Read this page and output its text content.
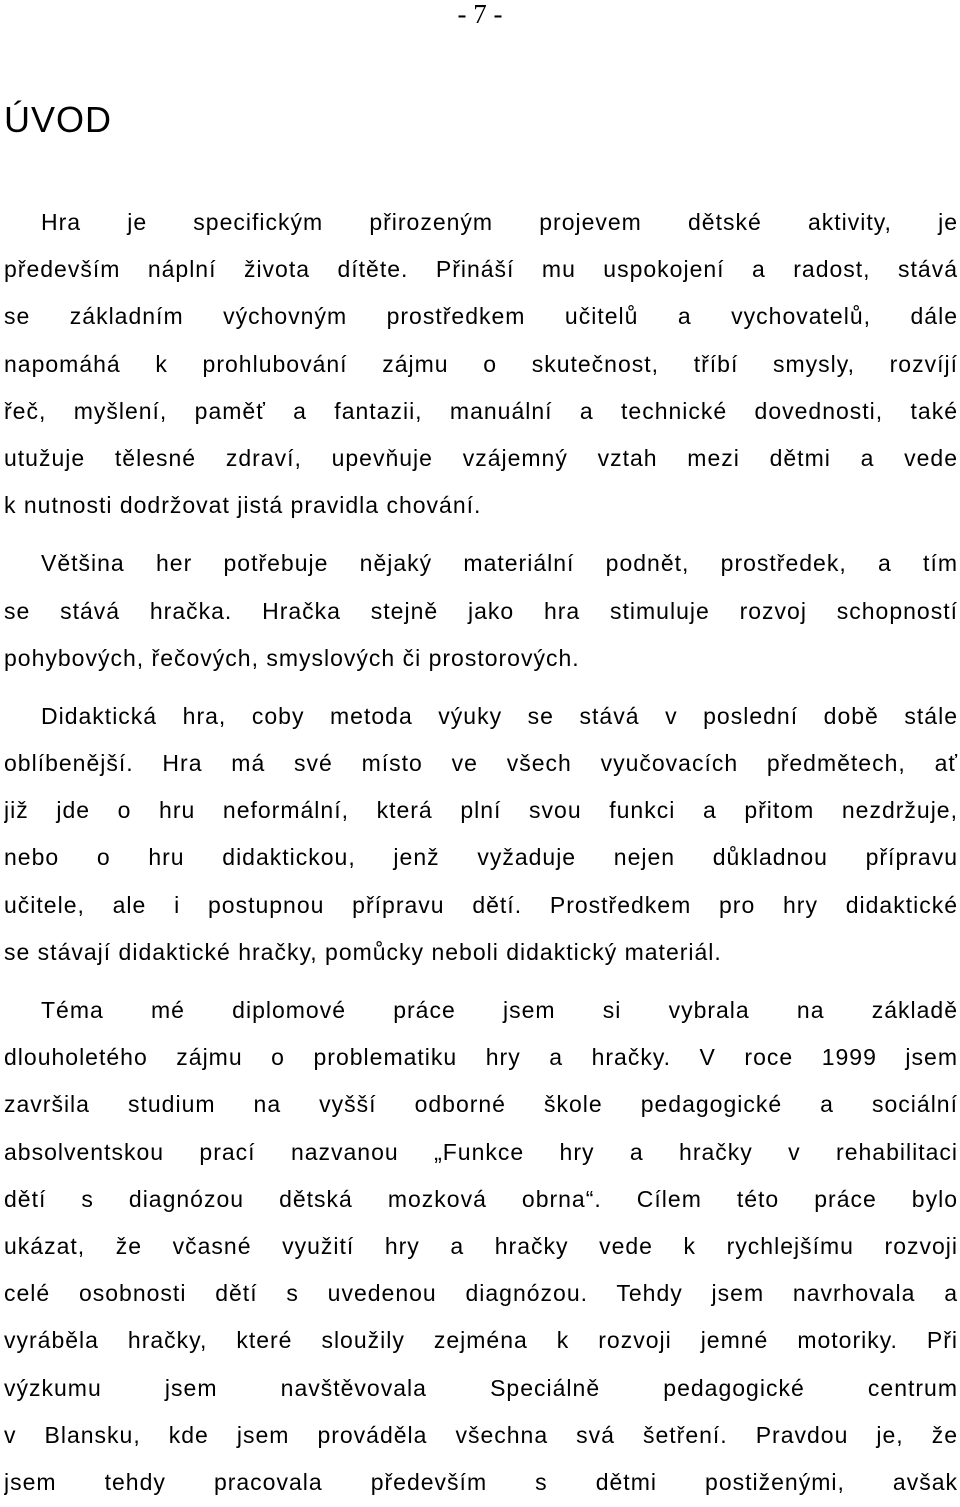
- 7 -
ÚVOD
Hra je specifickým přirozeným projevem dětské aktivity, je
především náplní života dítěte. Přináší mu uspokojení a radost, stává
se základním výchovným prostředkem učitelů a vychovatelů, dále
napomáhá k prohlubování zájmu o skutečnost, tříbí smysly, rozvíjí
řeč, myšlení, paměť a fantazii, manuální a technické dovednosti, také
utužuje tělesné zdraví, upevňuje vzájemný vztah mezi dětmi a vede
k nutnosti dodržovat jistá pravidla chování.
Většina her potřebuje nějaký materiální podnět, prostředek, a tím
se stává hračka. Hračka stejně jako hra stimuluje rozvoj schopností
pohybových, řečových, smyslových či prostorových.
Didaktická hra, coby metoda výuky se stává v poslední době stále
oblíbenější. Hra má své místo ve všech vyučovacích předmětech, ať
již jde o hru neformální, která plní svou funkci a přitom nezdržuje,
nebo o hru didaktickou, jenž vyžaduje nejen důkladnou přípravu
učitele, ale i postupnou přípravu dětí. Prostředkem pro hry didaktické
se stávají didaktické hračky, pomůcky neboli didaktický materiál.
Téma mé diplomové práce jsem si vybrala na základě
dlouholetého zájmu o problematiku hry a hračky. V roce 1999 jsem
završila studium na vyšší odborné škole pedagogické a sociální
absolventskou prací nazvanou „Funkce hry a hračky v rehabilitaci
dětí s diagnózou dětská mozková obrna“. Cílem této práce bylo
ukázat, že včasné využití hry a hračky vede k rychlejšímu rozvoji
celé osobnosti dětí s uvedenou diagnózou. Tehdy jsem navrhovala a
vyráběla hračky, které sloužily zejména k rozvoji jemné motoriky. Při
výzkumu jsem navštěvovala Speciálně pedagogické centrum
v Blansku, kde jsem prováděla všechna svá šetření. Pravdou je, že
jsem tehdy pracovala především s dětmi postiženými, avšak
